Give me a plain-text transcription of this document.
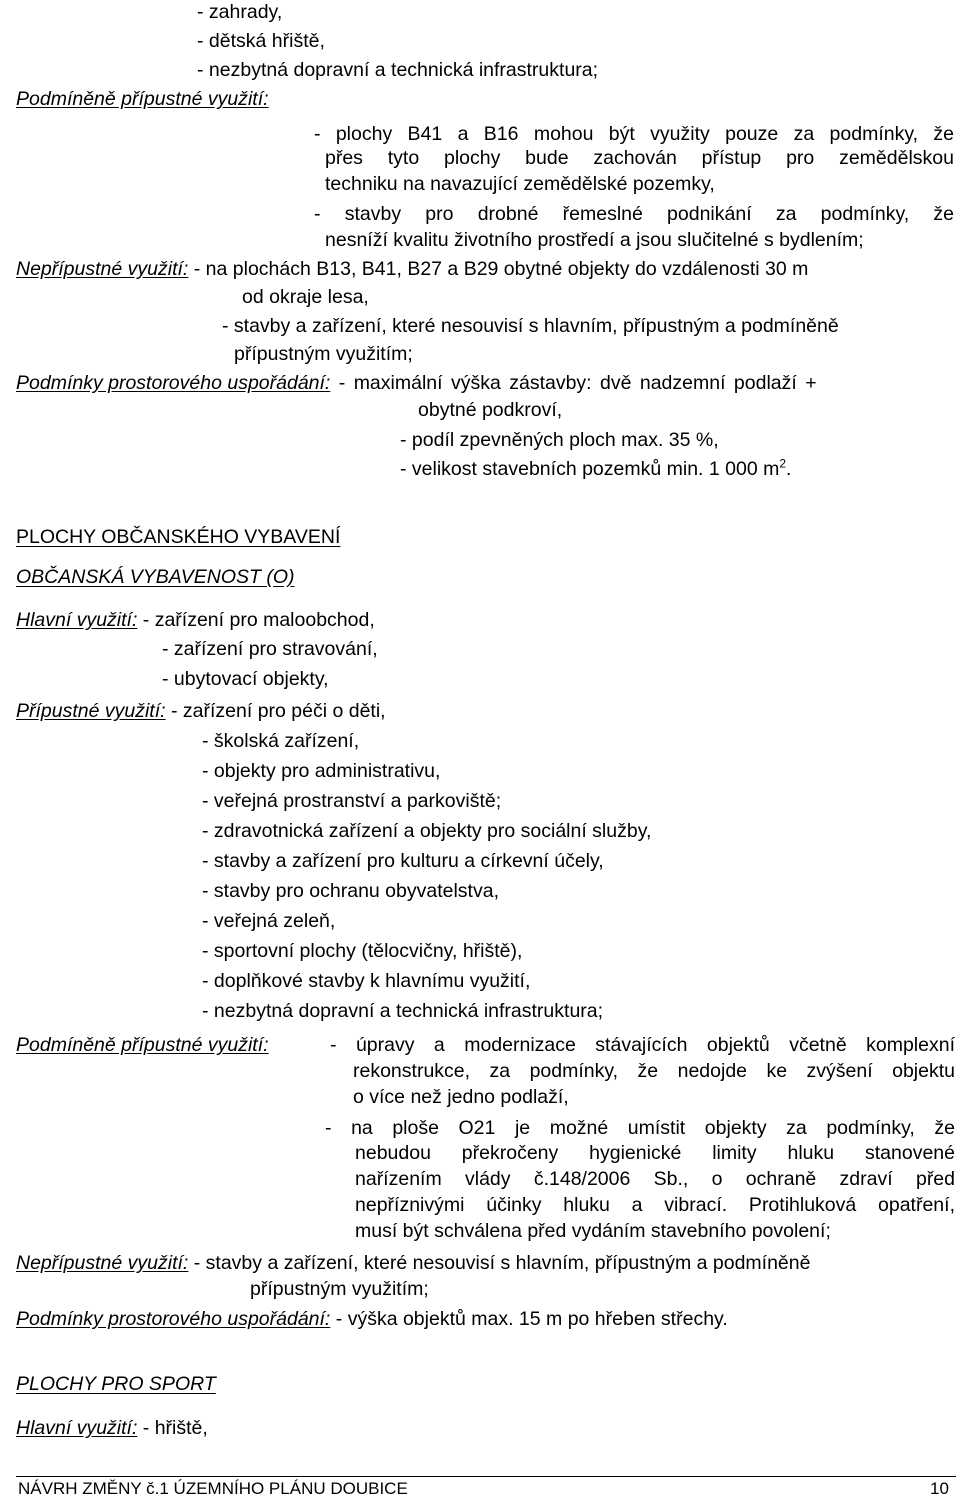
- zahrady,
- dětská hřiště,
- nezbytná dopravní a technická infrastruktura;
Podmíněně přípustné využití:
- plochy B41 a B16 mohou být využity pouze za podmínky, že
přes tyto plochy bude zachován přístup pro zemědělskou
techniku na navazující zemědělské pozemky,
- stavby pro drobné řemeslné podnikání za podmínky, že
nesníží kvalitu životního prostředí a jsou slučitelné s bydlením;
Nepřípustné využití: - na plochách B13, B41, B27 a B29 obytné objekty do vzdálenosti 30 m
od okraje lesa,
- stavby a zařízení, které nesouvisí s hlavním, přípustným a podmíněně
přípustným využitím;
Podmínky prostorového uspořádání: - maximální výška zástavby: dvě nadzemní podlaží +
obytné podkroví,
- podíl zpevněných ploch max. 35 %,
- velikost stavebních pozemků min. 1 000 $m^2$.
PLOCHY OBČANSKÉHO VYBAVENÍ
OBČANSKÁ VYBAVENOST (O)
Hlavní využití: - zařízení pro maloobchod,
- zařízení pro stravování,
- ubytovací objekty,
Přípustné využití: - zařízení pro péči o děti,
- školská zařízení,
- objekty pro administrativu,
- veřejná prostranství a parkoviště;
- zdravotnická zařízení a objekty pro sociální služby,
- stavby a zařízení pro kulturu a církevní účely,
- stavby pro ochranu obyvatelstva,
- veřejná zeleň,
- sportovní plochy (tělocvičny, hřiště),
- doplňkové stavby k hlavnímu využití,
- nezbytná dopravní a technická infrastruktura;
Podmíněně přípustné využití:	- úpravy a modernizace stávajících objektů včetně komplexní
rekonstrukce, za podmínky, že nedojde ke zvýšení objektu
o více než jedno podlaží,
- na ploše O21 je možné umístit objekty za podmínky, že
nebudou překročeny hygienické limity hluku stanovené
nařízením vlády č.148/2006 Sb., o ochraně zdraví před
nepříznivými účinky hluku a vibrací. Protihluková opatření,
musí být schválena před vydáním stavebního povolení;
Nepřípustné využití: - stavby a zařízení, které nesouvisí s hlavním, přípustným a podmíněně
přípustným využitím;
Podmínky prostorového uspořádání: - výška objektů max. 15 m po hřeben střechy.
PLOCHY PRO SPORT
Hlavní využití: - hřiště,
NÁVRH ZMĚNY č.1 ÚZEMNÍHO PLÁNU DOUBICE	10
